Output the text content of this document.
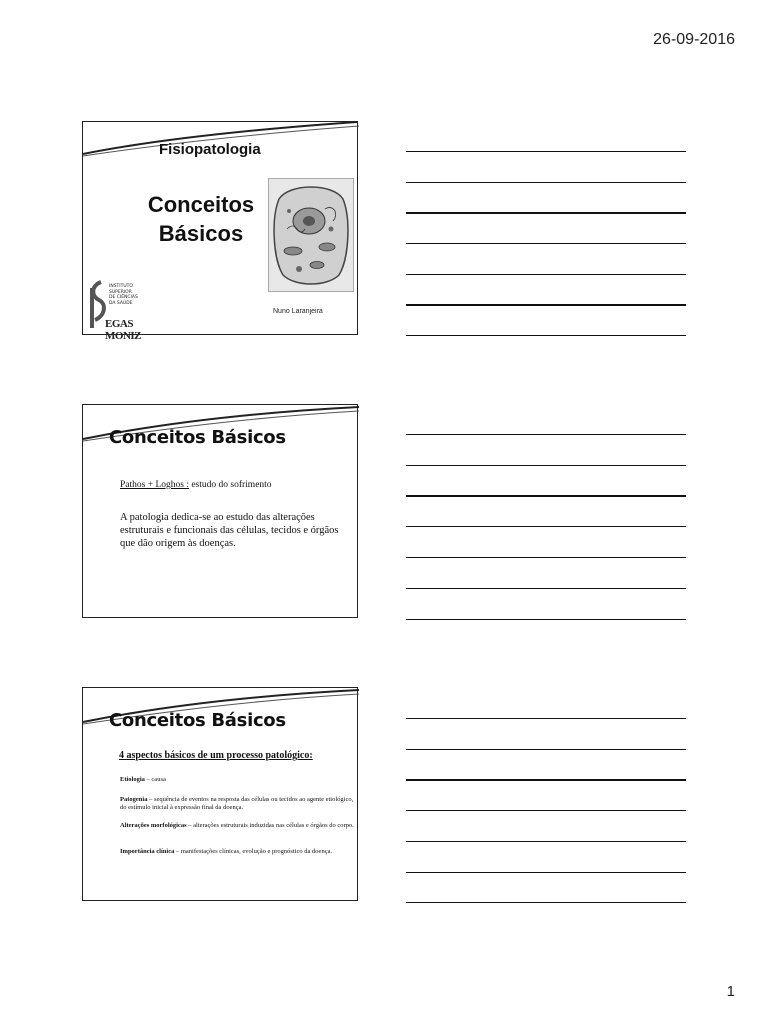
26-09-2016
Fisiopatologia
Conceitos
Básicos
INSTITUTO
SUPERIOR
DE CIÊNCIAS
DA SAÚDE
EGAS MONIZ
Nuno Laranjeira
Conceitos Básicos
Pathos + Loghos : estudo do sofrimento
A patologia dedica-se ao estudo das alterações estruturais e funcionais das células, tecidos e órgãos que dão origem às doenças.
Conceitos Básicos
4 aspectos básicos de um processo patológico:
Etiologia – causa
Patogenia – sequência de eventos na resposta das células ou tecidos ao agente etiológico, do estímulo inicial à expressão final da doença.
Alterações morfológicas – alterações estruturais induzidas nas células e órgãos do corpo.
Importância clínica – manifestações clínicas, evolução e prognóstico da doença.
1
